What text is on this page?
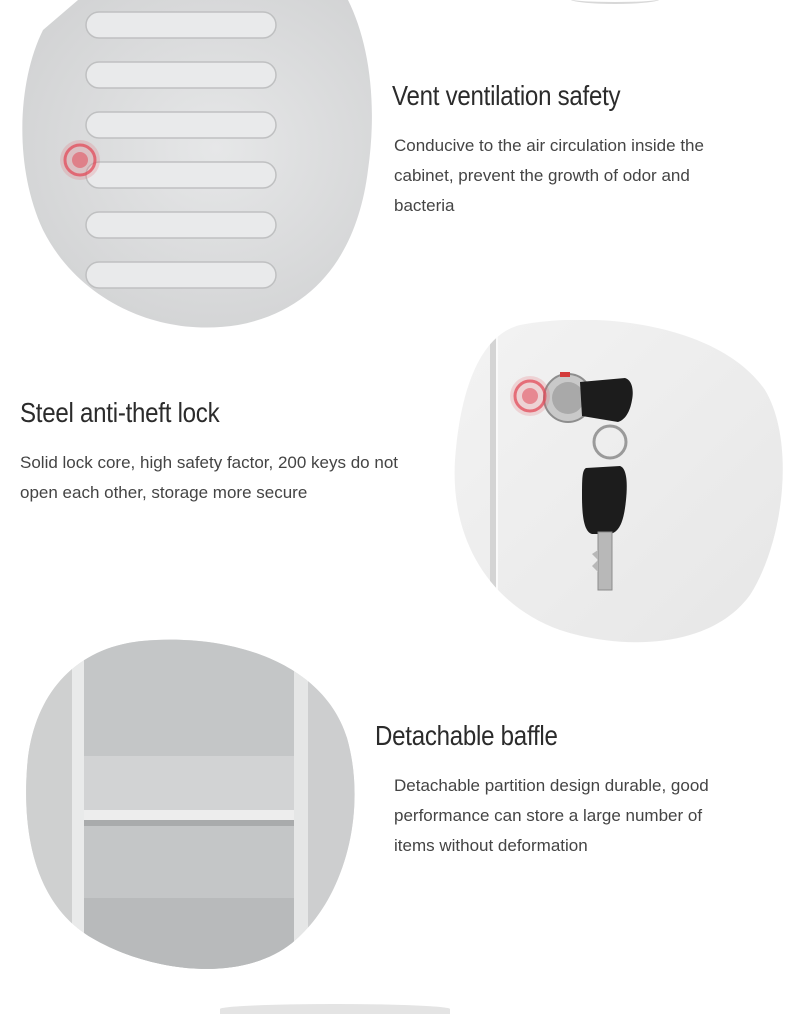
Vent ventilation safety

Conducive to the air circulation inside the cabinet, prevent the growth of odor and bacteria

Steel anti-theft lock

Solid lock core, high safety factor, 200 keys do not open each other, storage more secure

Detachable baffle

Detachable partition design durable, good performance can store a large number of items without deformation
